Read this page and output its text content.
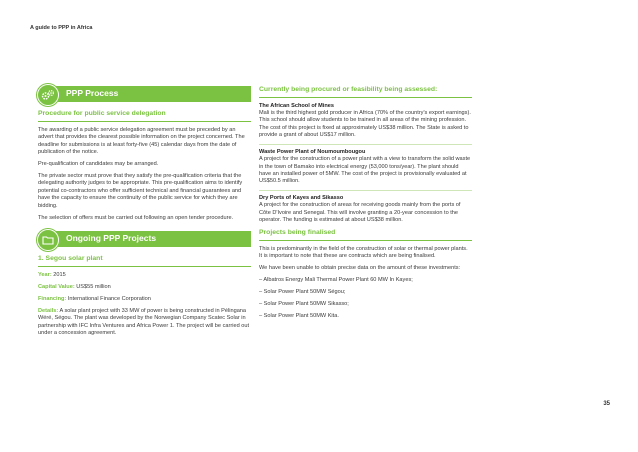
A guide to PPP in Africa
PPP Process
Procedure for public service delegation

The awarding of a public service delegation agreement must be preceded by an advert that provides the clearest possible information on the project concerned. The deadline for submissions is at least forty-five (45) calendar days from the date of publication of the notice.

Pre-qualification of candidates may be arranged.

The private sector must prove that they satisfy the pre-qualification criteria that the delegating authority judges to be appropriate. This pre-qualification aims to identify potential co-contractors who offer sufficient technical and financial guarantees and have the capacity to ensure the continuity of the public service for which they are bidding.

The selection of offers must be carried out following an open tender procedure.

Ongoing PPP Projects
1. Segou solar plant

Year: 2015

Capital Value: US$55 million

Financing: International Finance Corporation

Details: A solar plant project with 33 MW of power is being constructed in Pélingana Wéré, Ségou. The plant was developed by the Norwegian Company Scatec Solar in partnership with IFC Infra Ventures and Africa Power 1. The project will be carried out under a concession agreement.

Currently being procured or feasibility being assessed:
The African School of Mines

Mali is the third highest gold producer in Africa (70% of the country's export earnings). This school should allow students to be trained in all areas of the mining profession. The cost of this project is fixed at approximately US$38 million. The State is asked to provide a grant of about US$17 million.

Waste Power Plant of Noumoumbougou

A project for the construction of a power plant with a view to transform the solid waste in the town of Bamako into electrical energy (53,000 tons/year). The plant should have an installed power of 5MW. The cost of the project is provisionally evaluated at US$50.5 million.

Dry Ports of Kayes and Sikasso

A project for the construction of areas for receiving goods mainly from the ports of Côte D'Ivoire and Senegal. This will involve granting a 20-year concession to the operator. The funding is estimated at about US$38 million.

Projects being finalised

This is predominantly in the field of the construction of solar or thermal power plants. It is important to note that these are contracts which are being finalised.

We have been unable to obtain precise data on the amount of these investments:

– Albatros Energy Mali Thermal Power Plant 60 MW In Kayes;
– Solar Power Plant 50MW Ségou;
– Solar Power Plant 50MW Sikasso;
– Solar Power Plant 50MW Kita.
35
